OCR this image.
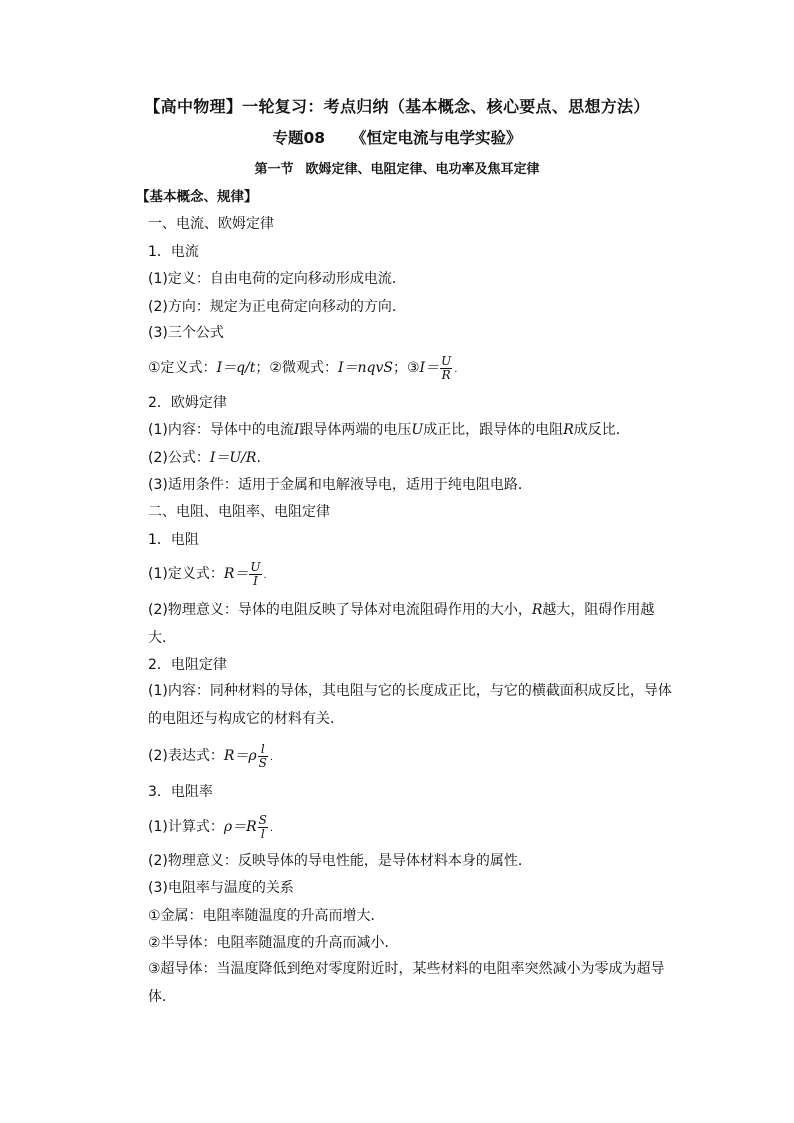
【高中物理】一轮复习：考点归纳（基本概念、核心要点、思想方法）
专题08 《恒定电流与电学实验》
第一节 欧姆定律、电阻定律、电功率及焦耳定律
【基本概念、规律】
一、电流、欧姆定律
1．电流
(1)定义：自由电荷的定向移动形成电流．
(2)方向：规定为正电荷定向移动的方向．
(3)三个公式
①定义式：I＝q/t；②微观式：I＝nqvS；③I＝ $\frac{U}{R}$ .
2．欧姆定律
(1)内容：导体中的电流I跟导体两端的电压U成正比，跟导体的电阻R成反比．
(2)公式：I＝U/R.
(3)适用条件：适用于金属和电解液导电，适用于纯电阻电路．
二、电阻、电阻率、电阻定律
1．电阻
(1)定义式：$R= \frac{U}{I}$ .
(2)物理意义：导体的电阻反映了导体对电流阻碍作用的大小，R越大，阻碍作用越大．
2．电阻定律
(1)内容：同种材料的导体，其电阻与它的长度成正比，与它的横截面积成反比，导体的电阻还与构成它的材料有关．
(2)表达式：$R=\rho \frac{l}{S}$ .
3．电阻率
(1)计算式：$\rho=R \frac{S}{l}$ .
(2)物理意义：反映导体的导电性能，是导体材料本身的属性．
(3)电阻率与温度的关系
①金属：电阻率随温度的升高而增大．
②半导体：电阻率随温度的升高而减小．
③超导体：当温度降低到绝对零度附近时，某些材料的电阻率突然减小为零成为超导体．
